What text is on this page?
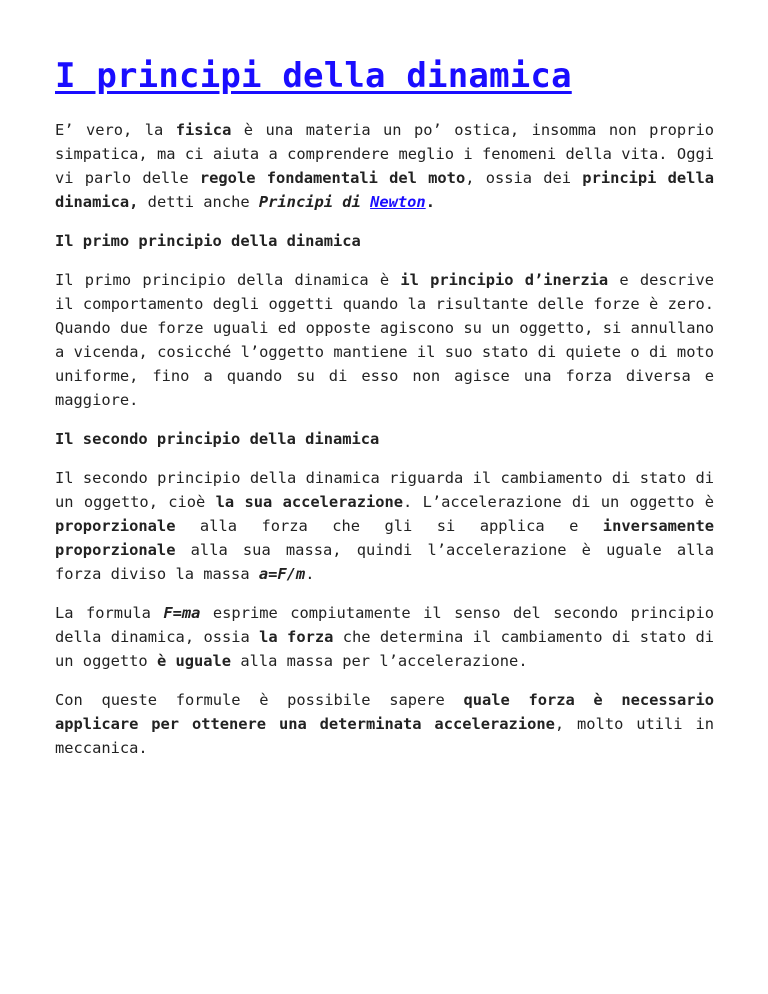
I principi della dinamica

E’ vero, la fisica è una materia un po’ ostica, insomma non proprio simpatica, ma ci aiuta a comprendere meglio i fenomeni della vita. Oggi vi parlo delle regole fondamentali del moto, ossia dei principi della dinamica, detti anche Principi di Newton.

Il primo principio della dinamica

Il primo principio della dinamica è il principio d’inerzia e descrive il comportamento degli oggetti quando la risultante delle forze è zero. Quando due forze uguali ed opposte agiscono su un oggetto, si annullano a vicenda, cosicché l’oggetto mantiene il suo stato di quiete o di moto uniforme, fino a quando su di esso non agisce una forza diversa e maggiore.

Il secondo principio della dinamica

Il secondo principio della dinamica riguarda il cambiamento di stato di un oggetto, cioè la sua accelerazione. L’accelerazione di un oggetto è proporzionale alla forza che gli si applica e inversamente proporzionale alla sua massa, quindi l’accelerazione è uguale alla forza diviso la massa a=F/m.

La formula F=ma esprime compiutamente il senso del secondo principio della dinamica, ossia la forza che determina il cambiamento di stato di un oggetto è uguale alla massa per l’accelerazione.

Con queste formule è possibile sapere quale forza è necessario applicare per ottenere una determinata accelerazione, molto utili in meccanica.
